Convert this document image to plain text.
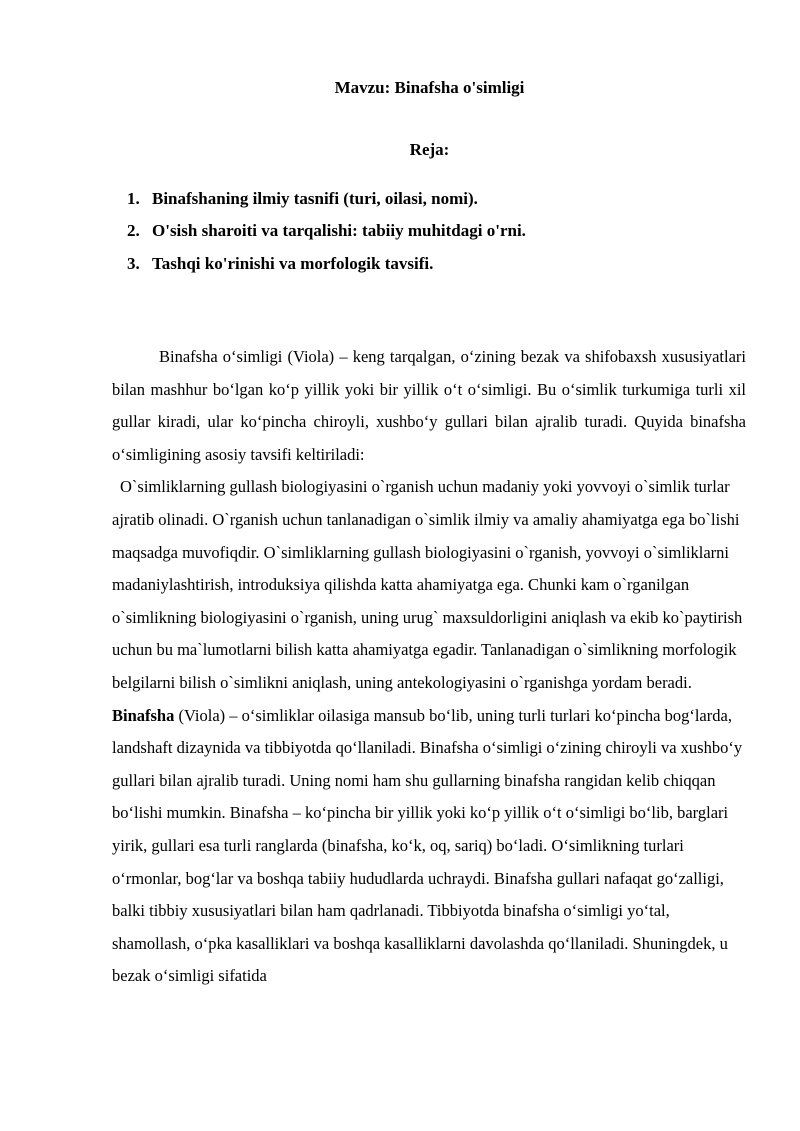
Mavzu: Binafsha o'simligi
Reja:
1. Binafshaning ilmiy tasnifi (turi, oilasi, nomi).
2. O'sish sharoiti va tarqalishi: tabiiy muhitdagi o'rni.
3. Tashqi ko'rinishi va morfologik tavsifi.

Binafsha o‘simligi (Viola) – keng tarqalgan, o‘zining bezak va shifobaxsh xususiyatlari bilan mashhur bo‘lgan ko‘p yillik yoki bir yillik o‘t o‘simligi. Bu o‘simlik turkumiga turli xil gullar kiradi, ular ko‘pincha chiroyli, xushbo‘y gullari bilan ajralib turadi. Quyida binafsha o‘simligining asosiy tavsifi keltiriladi:

O`simliklarning gullash biologiyasini o`rganish uchun madaniy yoki yovvoyi o`simlik turlar ajratib olinadi. O`rganish uchun tanlanadigan o`simlik ilmiy va amaliy ahamiyatga ega bo`lishi maqsadga muvofiqdir. O`simliklarning gullash biologiyasini o`rganish, yovvoyi o`simliklarni madaniylashtirish, introduksiya qilishda katta ahamiyatga ega. Chunki kam o`rganilgan o`simlikning biologiyasini o`rganish, uning urug` maxsuldorligini aniqlash va ekib ko`paytirish uchun bu ma`lumotlarni bilish katta ahamiyatga egadir. Tanlanadigan o`simlikning morfologik belgilarni bilish o`simlikni aniqlash, uning antekologiyasini o`rganishga yordam beradi. Binafsha (Viola) – o‘simliklar oilasiga mansub bo‘lib, uning turli turlari ko‘pincha bog‘larda, landshaft dizaynida va tibbiyotda qo‘llaniladi. Binafsha o‘simligi o‘zining chiroyli va xushbo‘y gullari bilan ajralib turadi. Uning nomi ham shu gullarning binafsha rangidan kelib chiqqan bo‘lishi mumkin. Binafsha – ko‘pincha bir yillik yoki ko‘p yillik o‘t o‘simligi bo‘lib, barglari yirik, gullari esa turli ranglarda (binafsha, ko‘k, oq, sariq) bo‘ladi. O‘simlikning turlari o‘rmonlar, bog‘lar va boshqa tabiiy hududlarda uchraydi. Binafsha gullari nafaqat go‘zalligi, balki tibbiy xususiyatlari bilan ham qadrlanadi. Tibbiyotda binafsha o‘simligi yo‘tal, shamollash, o‘pka kasalliklari va boshqa kasalliklarni davolashda qo‘llaniladi. Shuningdek, u bezak o‘simligi sifatida
